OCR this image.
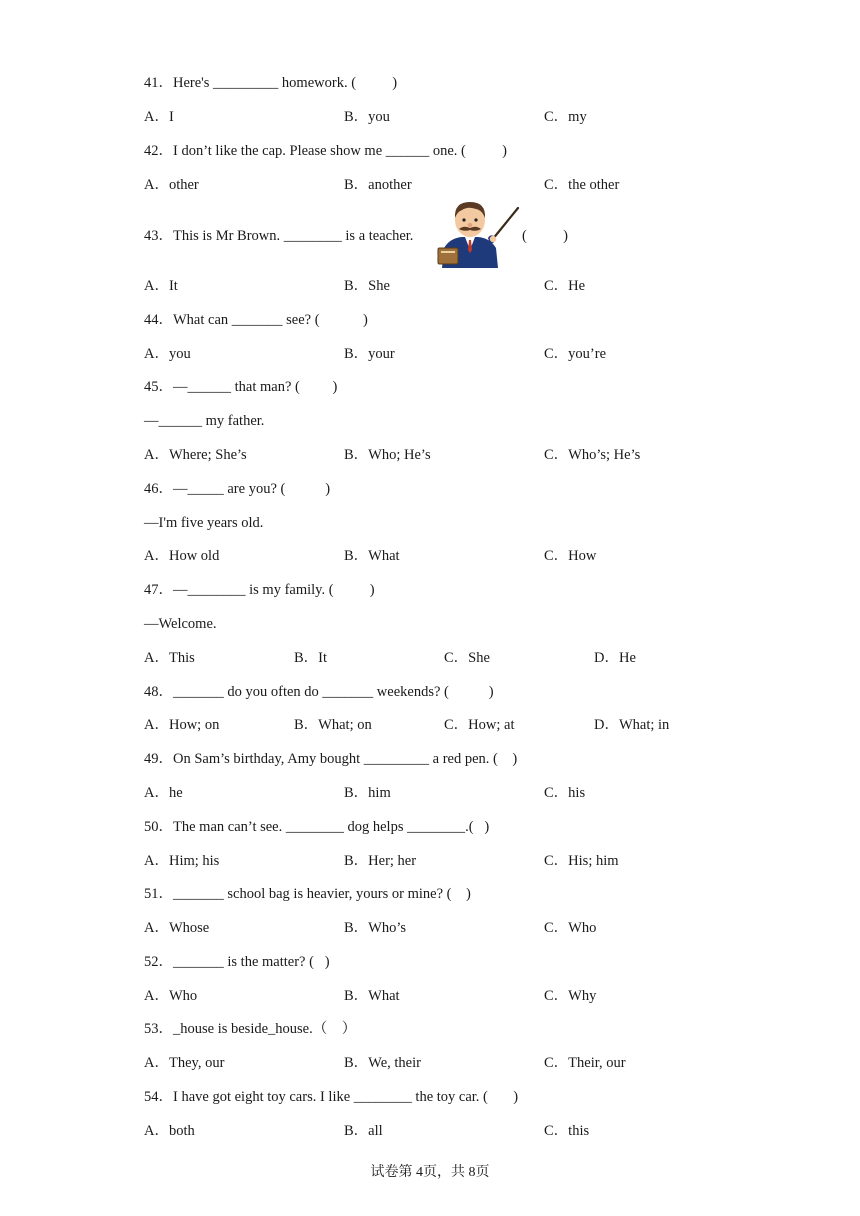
41．Here's _________ homework. (          )
A．I	B．you	C．my
42．I don’t like the cap. Please show me ______ one. (          )
A．other	B．another	C．the other
43．This is Mr Brown. ________ is a teacher.	(          )
A．It	B．She	C．He
44．What can _______ see? (            )
A．you	B．your	C．you’re
45．—______ that man? (         )
—______ my father.
A．Where; She’s	B．Who; He’s	C．Who’s; He’s
46．—_____ are you? (           )
—I'm five years old.
A．How old	B．What	C．How
47．—________ is my family. (          )
—Welcome.
A．This	B．It	C．She	D．He
48．_______ do you often do _______ weekends? (           )
A．How; on	B．What; on	C．How; at	D．What; in
49．On Sam’s birthday, Amy bought _________ a red pen. (    )
A．he	B．him	C．his
50．The man can’t see. ________ dog helps ________.(   )
A．Him; his	B．Her; her	C．His; him
51．_______ school bag is heavier, yours or mine? (    )
A．Whose	B．Who’s	C．Who
52．_______ is the matter? (   )
A．Who	B．What	C．Why
53．_house is beside_house.（    ）
A．They, our	B．We, their	C．Their, our
54．I have got eight toy cars. I like ________ the toy car. (       )
A．both	B．all	C．this
试卷第 4页，共 8页
